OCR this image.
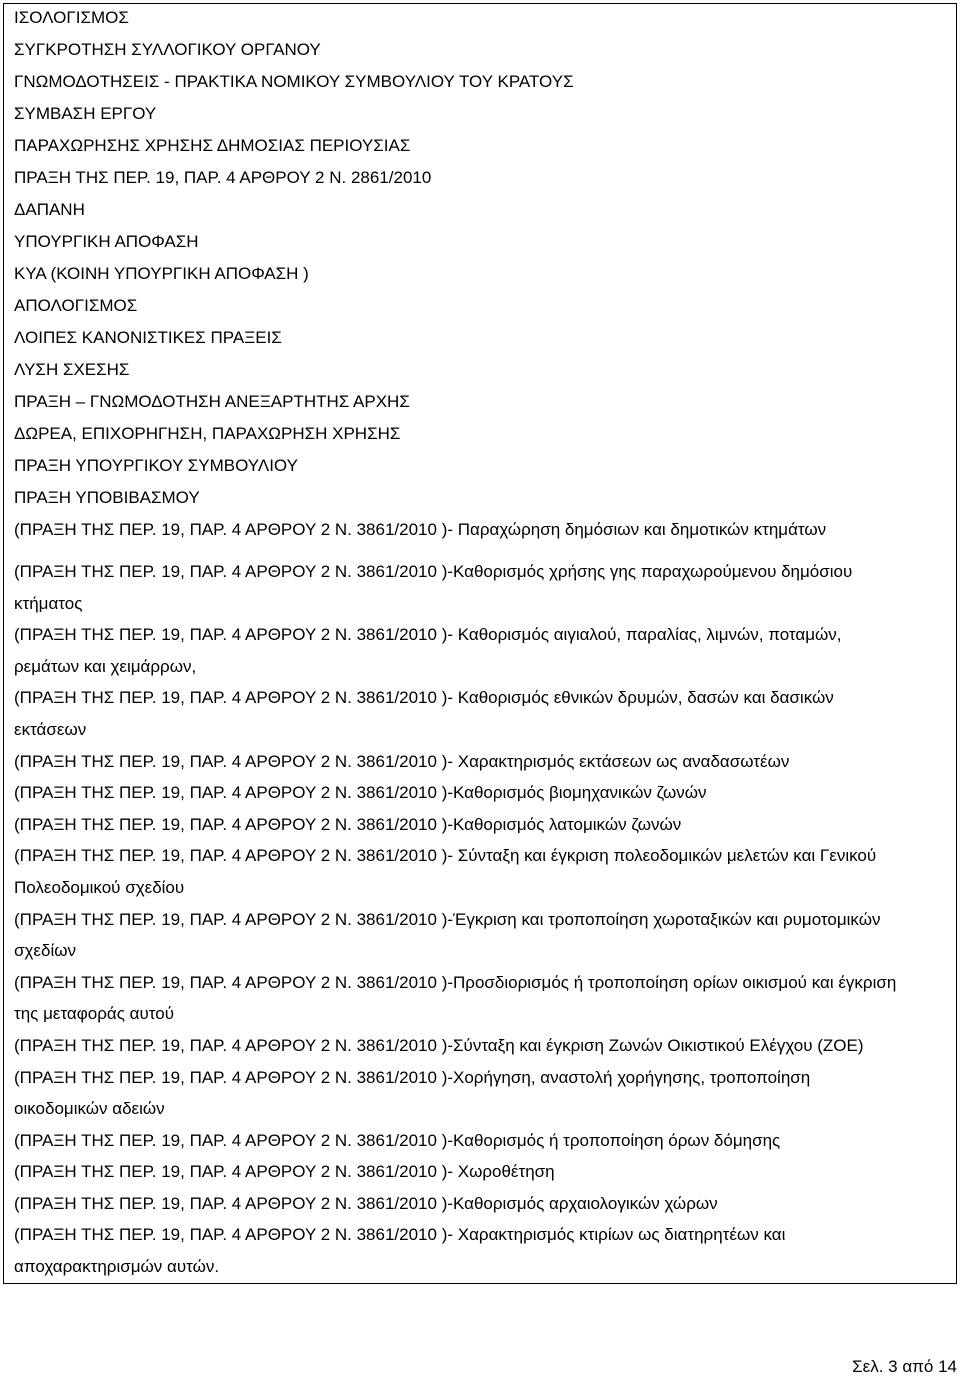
ΙΣΟΛΟΓΙΣΜΟΣ
ΣΥΓΚΡΟΤΗΣΗ ΣΥΛΛΟΓΙΚΟΥ ΟΡΓΑΝΟΥ
ΓΝΩΜΟΔΟΤΗΣΕΙΣ - ΠΡΑΚΤΙΚΑ ΝΟΜΙΚΟΥ ΣΥΜΒΟΥΛΙΟΥ ΤΟΥ ΚΡΑΤΟΥΣ
ΣΥΜΒΑΣΗ ΕΡΓΟΥ
ΠΑΡΑΧΩΡΗΣΗΣ ΧΡΗΣΗΣ ΔΗΜΟΣΙΑΣ ΠΕΡΙΟΥΣΙΑΣ
ΠΡΑΞΗ ΤΗΣ ΠΕΡ. 19, ΠΑΡ. 4 ΑΡΘΡΟΥ 2 Ν. 2861/2010
ΔΑΠΑΝΗ
ΥΠΟΥΡΓΙΚΗ ΑΠΟΦΑΣΗ
ΚΥΑ (ΚΟΙΝΗ ΥΠΟΥΡΓΙΚΗ ΑΠΟΦΑΣΗ )
ΑΠΟΛΟΓΙΣΜΟΣ
ΛΟΙΠΕΣ ΚΑΝΟΝΙΣΤΙΚΕΣ ΠΡΑΞΕΙΣ
ΛΥΣΗ ΣΧΕΣΗΣ
ΠΡΑΞΗ – ΓΝΩΜΟΔΟΤΗΣΗ ΑΝΕΞΑΡΤΗΤΗΣ ΑΡΧΗΣ
ΔΩΡΕΑ, ΕΠΙΧΟΡΗΓΗΣΗ, ΠΑΡΑΧΩΡΗΣΗ ΧΡΗΣΗΣ
ΠΡΑΞΗ ΥΠΟΥΡΓΙΚΟΥ ΣΥΜΒΟΥΛΙΟΥ
ΠΡΑΞΗ ΥΠΟΒΙΒΑΣΜΟΥ
(ΠΡΑΞΗ ΤΗΣ ΠΕΡ. 19, ΠΑΡ. 4 ΑΡΘΡΟΥ 2 Ν. 3861/2010 )- Παραχώρηση δημόσιων και δημοτικών κτημάτων
(ΠΡΑΞΗ ΤΗΣ ΠΕΡ. 19, ΠΑΡ. 4 ΑΡΘΡΟΥ 2 Ν. 3861/2010 )-Καθορισμός χρήσης γης παραχωρούμενου δημόσιου
κτήματος
(ΠΡΑΞΗ ΤΗΣ ΠΕΡ. 19, ΠΑΡ. 4 ΑΡΘΡΟΥ 2 Ν. 3861/2010 )- Καθορισμός αιγιαλού, παραλίας, λιμνών, ποταμών,
ρεμάτων και χειμάρρων,
(ΠΡΑΞΗ ΤΗΣ ΠΕΡ. 19, ΠΑΡ. 4 ΑΡΘΡΟΥ 2 Ν. 3861/2010 )- Καθορισμός εθνικών δρυμών, δασών και δασικών
εκτάσεων
(ΠΡΑΞΗ ΤΗΣ ΠΕΡ. 19, ΠΑΡ. 4 ΑΡΘΡΟΥ 2 Ν. 3861/2010 )- Χαρακτηρισμός εκτάσεων ως αναδασωτέων
(ΠΡΑΞΗ ΤΗΣ ΠΕΡ. 19, ΠΑΡ. 4 ΑΡΘΡΟΥ 2 Ν. 3861/2010 )-Καθορισμός βιομηχανικών ζωνών
(ΠΡΑΞΗ ΤΗΣ ΠΕΡ. 19, ΠΑΡ. 4 ΑΡΘΡΟΥ 2 Ν. 3861/2010 )-Καθορισμός λατομικών ζωνών
(ΠΡΑΞΗ ΤΗΣ ΠΕΡ. 19, ΠΑΡ. 4 ΑΡΘΡΟΥ 2 Ν. 3861/2010 )- Σύνταξη και έγκριση πολεοδομικών μελετών και Γενικού
Πολεοδομικού σχεδίου
(ΠΡΑΞΗ ΤΗΣ ΠΕΡ. 19, ΠΑΡ. 4 ΑΡΘΡΟΥ 2 Ν. 3861/2010 )-Έγκριση και τροποποίηση χωροταξικών και ρυμοτομικών
σχεδίων
(ΠΡΑΞΗ ΤΗΣ ΠΕΡ. 19, ΠΑΡ. 4 ΑΡΘΡΟΥ 2 Ν. 3861/2010 )-Προσδιορισμός ή τροποποίηση ορίων οικισμού και έγκριση
της μεταφοράς αυτού
(ΠΡΑΞΗ ΤΗΣ ΠΕΡ. 19, ΠΑΡ. 4 ΑΡΘΡΟΥ 2 Ν. 3861/2010 )-Σύνταξη και έγκριση Ζωνών Οικιστικού Ελέγχου (ΖΟΕ)
(ΠΡΑΞΗ ΤΗΣ ΠΕΡ. 19, ΠΑΡ. 4 ΑΡΘΡΟΥ 2 Ν. 3861/2010 )-Χορήγηση, αναστολή χορήγησης, τροποποίηση
οικοδομικών αδειών
(ΠΡΑΞΗ ΤΗΣ ΠΕΡ. 19, ΠΑΡ. 4 ΑΡΘΡΟΥ 2 Ν. 3861/2010 )-Καθορισμός ή τροποποίηση όρων δόμησης
(ΠΡΑΞΗ ΤΗΣ ΠΕΡ. 19, ΠΑΡ. 4 ΑΡΘΡΟΥ 2 Ν. 3861/2010 )- Χωροθέτηση
(ΠΡΑΞΗ ΤΗΣ ΠΕΡ. 19, ΠΑΡ. 4 ΑΡΘΡΟΥ 2 Ν. 3861/2010 )-Καθορισμός αρχαιολογικών χώρων
(ΠΡΑΞΗ ΤΗΣ ΠΕΡ. 19, ΠΑΡ. 4 ΑΡΘΡΟΥ 2 Ν. 3861/2010 )- Χαρακτηρισμός κτιρίων ως διατηρητέων και
αποχαρακτηρισμών αυτών.
Σελ. 3 από 14
